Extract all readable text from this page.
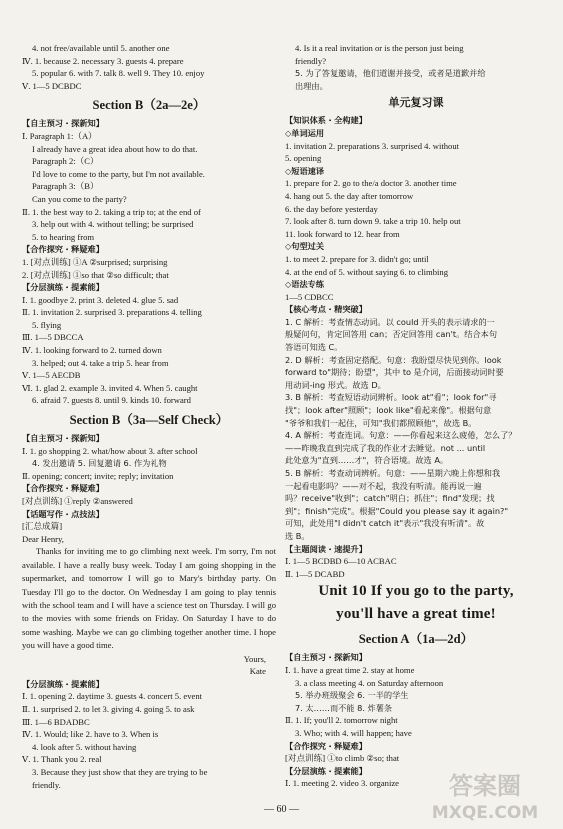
4. not free/available until 5. another one
Ⅳ. 1. because 2. necessary 3. guests 4. prepare
5. popular 6. with 7. talk 8. well 9. They 10. enjoy
Ⅴ. 1—5 DCBDC
Section B（2a—2e）
【自主预习・探新知】
Ⅰ. Paragraph 1:（A）
I already have a great idea about how to do that.
Paragraph 2:（C）
I'd love to come to the party, but I'm not available.
Paragraph 3:（B）
Can you come to the party?
Ⅱ. 1. the best way to 2. taking a trip to; at the end of
3. help out with 4. without telling; be surprised
5. to hearing from
【合作探究・释疑难】
1. [对点训练] ①A ②surprised; surprising
2. [对点训练] ①so that ②so difficult; that
【分层演练・提素能】
Ⅰ. 1. goodbye 2. print 3. deleted 4. glue 5. sad
Ⅱ. 1. invitation 2. surprised 3. preparations 4. telling
5. flying
Ⅲ. 1—5 DBCCA
Ⅳ. 1. looking forward to 2. turned down
3. helped; out 4. take a trip 5. hear from
Ⅴ. 1—5 AECDB
Ⅵ. 1. glad 2. example 3. invited 4. When 5. caught
6. afraid 7. guests 8. until 9. kinds 10. forward
Section B（3a—Self Check）
【自主预习・探新知】
Ⅰ. 1. go shopping 2. what/how about 3. after school
4. 发出邀请 5. 回复邀请 6. 作为礼物
Ⅱ. opening; concert; invite; reply; invitation
【合作探究・释疑难】
[对点训练] ①reply ②answered
【话题写作・点技法】
[汇总成篇]
Dear Henry,
Thanks for inviting me to go climbing next week. I'm sorry, I'm not available. I have a really busy week. Today I am going shopping in the supermarket, and tomorrow I will go to Mary's birthday party. On Tuesday I'll go to the doctor. On Wednesday I am going to play tennis with the school team and I will have a science test on Thursday. I will go to the movies with some friends on Friday. On Saturday I have to do some washing. Maybe we can go climbing together another time. I hope you will have a good time.
Yours,
Kate
【分层演练・提素能】
Ⅰ. 1. opening 2. daytime 3. guests 4. concert 5. event
Ⅱ. 1. surprised 2. to let 3. giving 4. going 5. to ask
Ⅲ. 1—6 BDADBC
Ⅳ. 1. Would; like 2. have to 3. When is
4. look after 5. without having
Ⅴ. 1. Thank you 2. real
3. Because they just show that they are trying to be
friendly.
4. Is it a real invitation or is the person just being
friendly?
5. 为了答复邀请，他们道谢并接受，或者是道歉并给
出理由。
单元复习课
【知识体系・全构建】
◇单词运用
1. invitation 2. preparations 3. surprised 4. without
5. opening
◇短语速译
1. prepare for 2. go to the/a doctor 3. another time
4. hang out 5. the day after tomorrow
6. the day before yesterday
7. look after 8. turn down 9. take a trip 10. help out
11. look forward to 12. hear from
◇句型过关
1. to meet 2. prepare for 3. didn't go; until
4. at the end of 5. without saying 6. to climbing
◇语法专练
1—5 CDBCC
【核心考点・精突破】
1. C 解析：考查情态动词。以 could 开头的表示请求的一
般疑问句，肯定回答用 can；否定回答用 can't。结合本句
答语可知选 C。
2. D 解析：考查固定搭配。句意：我盼望尽快见到你。look
forward to"期待；盼望"，其中 to 是介词，后面接动词时要
用动词-ing 形式。故选 D。
3. B 解析：考查短语动词辨析。look at"看"；look for"寻
找"；look after"照顾"；look like"看起来像"。根据句意
"爷爷和我们一起住，可知"我们都照顾他"，故选 B。
4. A 解析：考查连词。句意：——你看起来这么疲倦，怎么了？
——昨晚我直到完成了我的作业才去睡觉。not ... until
此处意为"直到……才"，符合语境。故选 A。
5. B 解析：考查动词辨析。句意：——星期六晚上你想和我
一起看电影吗？——对不起，我没有听清。能再说一遍
吗？receive"收到"；catch"明白；抓住"；find"发现；找
到"；finish"完成"。根据"Could you please say it again?"
可知，此处用"I didn't catch it"表示"我没有听清"。故
选 B。
【主题阅读・速提升】
Ⅰ. 1—5 BCDBD 6—10 ACBAC
Ⅱ. 1—5 DCABD
Unit 10 If you go to the party,
you'll have a great time!
Section A（1a—2d）
【自主预习・探新知】
Ⅰ. 1. have a great time 2. stay at home
3. a class meeting 4. on Saturday afternoon
5. 举办班级聚会 6. 一半的学生
7. 太……而不能 8. 炸薯条
Ⅱ. 1. If; you'll 2. tomorrow night
3. Who; with 4. will happen; have
【合作探究・释疑难】
[对点训练] ①to climb ②so; that
【分层演练・提素能】
Ⅰ. 1. meeting 2. video 3. organize
— 60 —
答案圈
MXQE.COM
